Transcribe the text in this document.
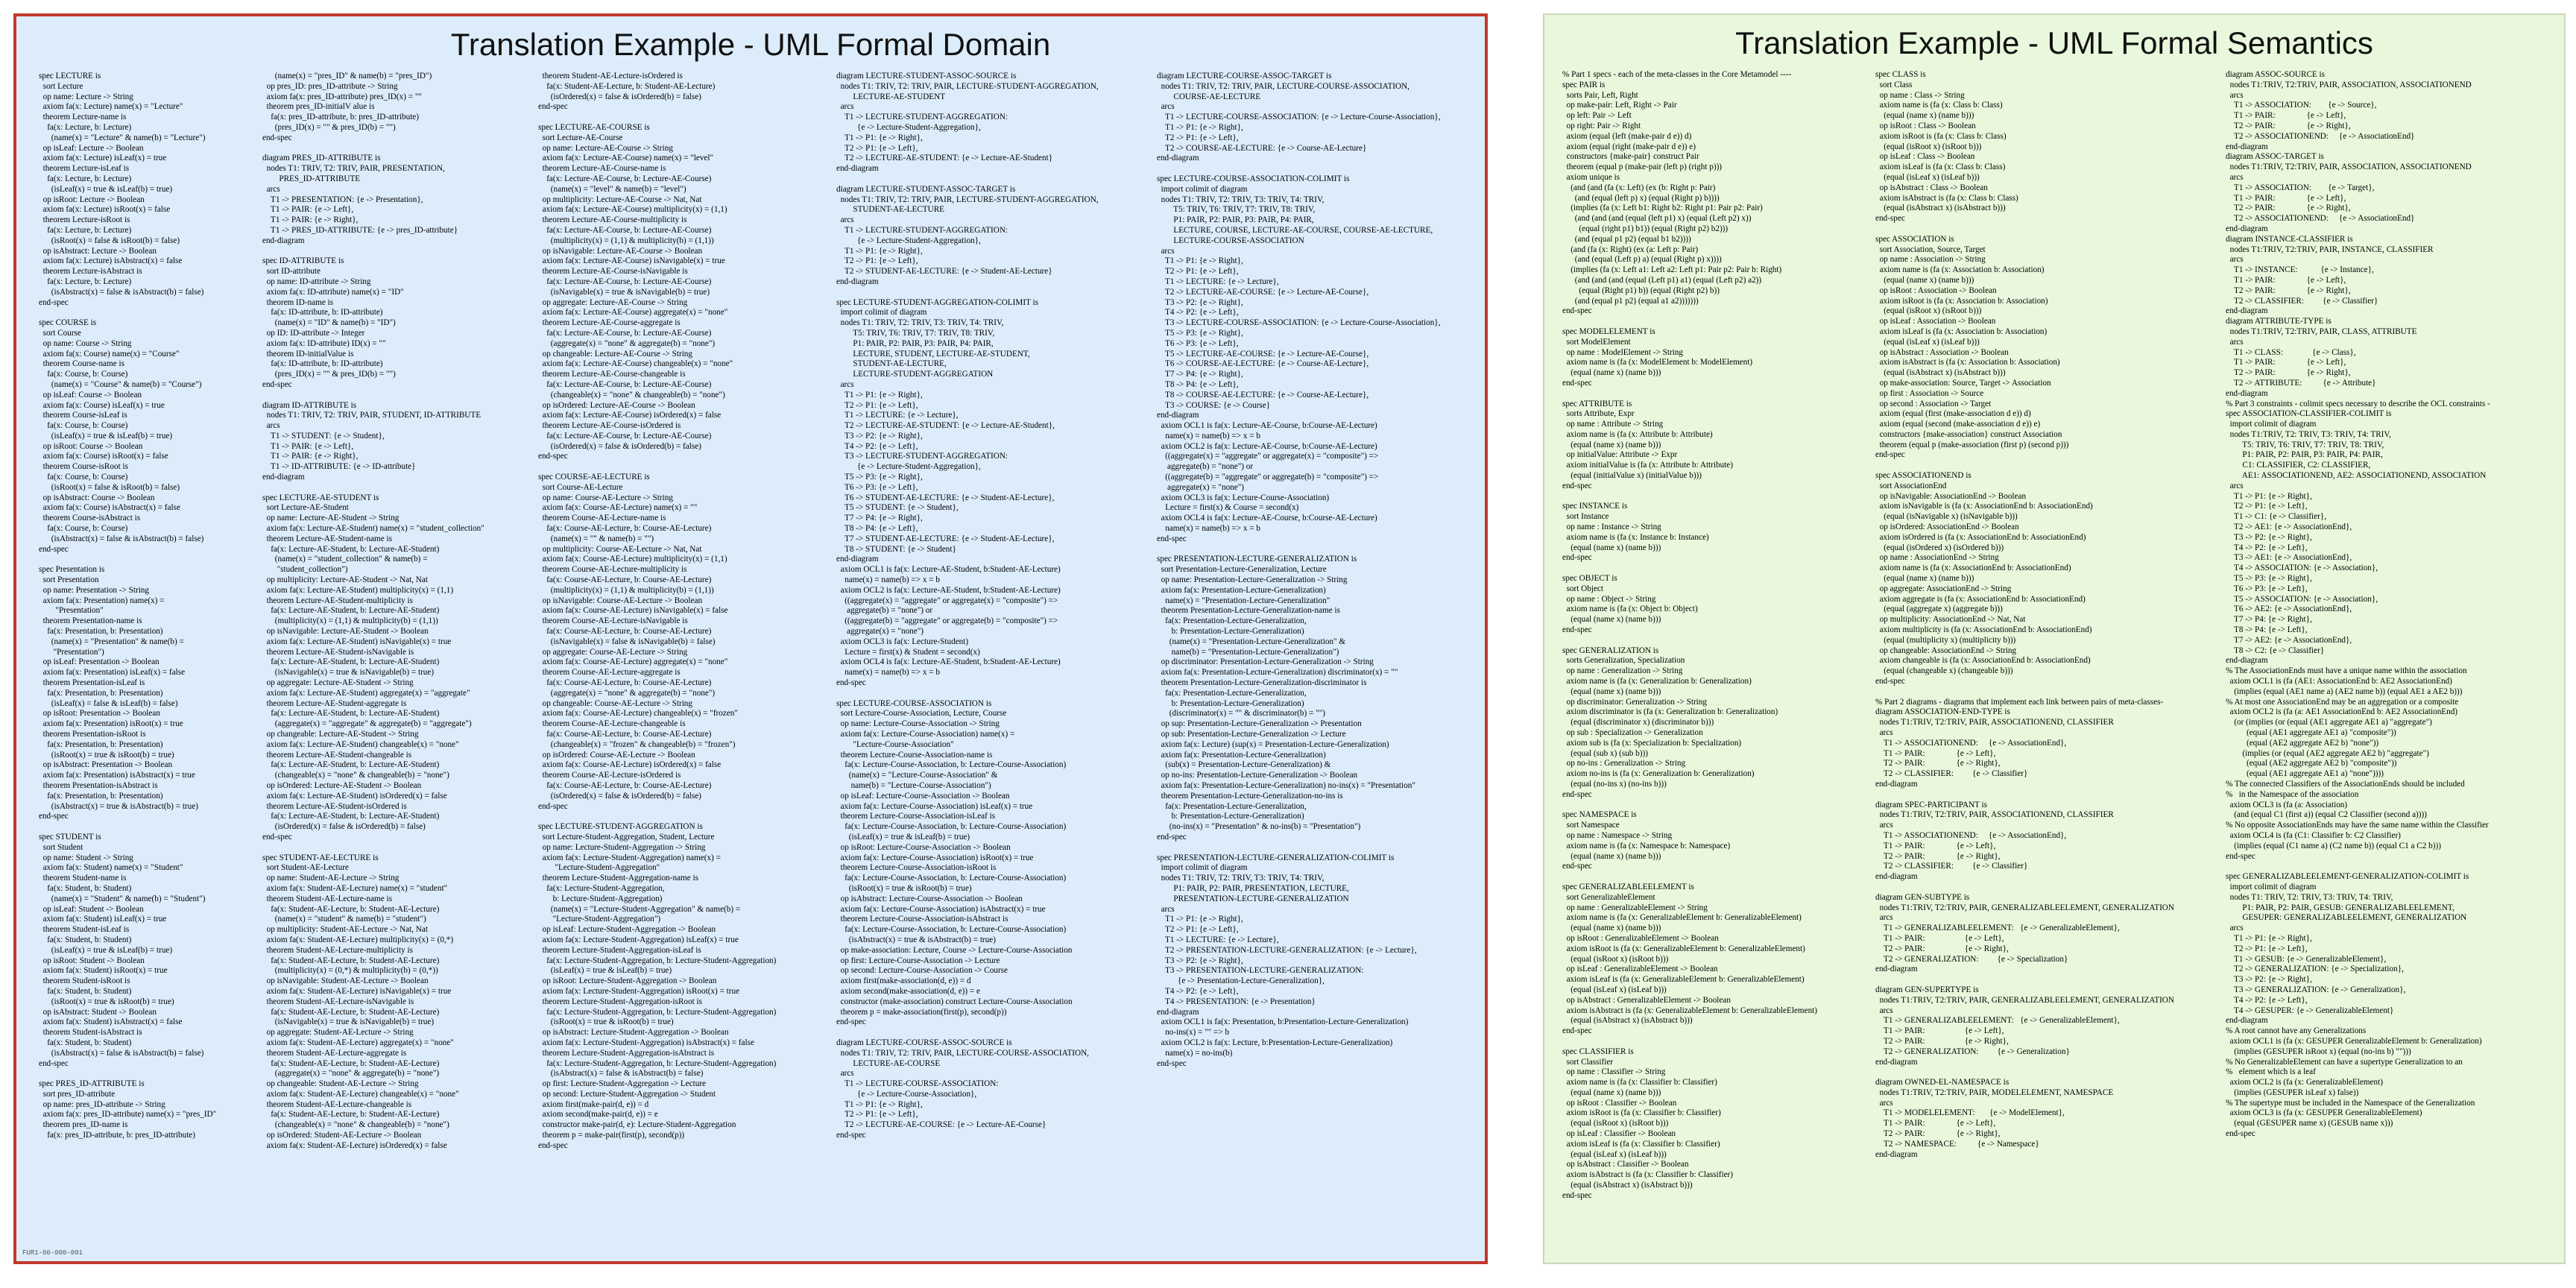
Translation Example - UML Formal Domain
spec LECTURE is
sort Lecture
op name: Lecture -> String
axiom fa(x: Lecture) name(x) = "Lecture"
theorem Lecture-name is
fa(x: Lecture, b: Lecture)
(name(x) = "Lecture" & name(b) = "Lecture")
op isLeaf: Lecture -> Boolean
axiom fa(x: Lecture) isLeaf(x) = true
theorem Lecture-isLeaf is
fa(x: Lecture, b: Lecture)
(isLeaf(x) = true & isLeaf(b) = true)
op isRoot: Lecture -> Boolean
axiom fa(x: Lecture) isRoot(x) = false
theorem Lecture-isRoot is
fa(x: Lecture, b: Lecture)
(isRoot(x) = false & isRoot(b) = false)
op isAbstract: Lecture -> Boolean
axiom fa(x: Lecture) isAbstract(x) = false
theorem Lecture-isAbstract is
fa(x: Lecture, b: Lecture)
(isAbstract(x) = false & isAbstract(b) = false)
end-spec

spec COURSE is
sort Course
op name: Course -> String
axiom fa(x: Course) name(x) = "Course"
theorem Course-name is
fa(x: Course, b: Course)
(name(x) = "Course" & name(b) = "Course")
op isLeaf: Course -> Boolean
axiom fa(x: Course) isLeaf(x) = true
theorem Course-isLeaf is
fa(x: Course, b: Course)
(isLeaf(x) = true & isLeaf(b) = true)
op isRoot: Course -> Boolean
axiom fa(x: Course) isRoot(x) = false
theorem Course-isRoot is
fa(x: Course, b: Course)
(isRoot(x) = false & isRoot(b) = false)
op isAbstract: Course -> Boolean
axiom fa(x: Course) isAbstract(x) = false
theorem Course-isAbstract is
fa(x: Course, b: Course)
(isAbstract(x) = false & isAbstract(b) = false)
end-spec

spec Presentation is
sort Presentation
op name: Presentation -> String
axiom fa(x: Presentation) name(x) =
"Presentation"
theorem Presentation-name is
fa(x: Presentation, b: Presentation)
(name(x) = "Presentation" & name(b) =
"Presentation")
op isLeaf: Presentation -> Boolean
axiom fa(x: Presentation) isLeaf(x) = false
theorem Presentation-isLeaf is
fa(x: Presentation, b: Presentation)
(isLeaf(x) = false & isLeaf(b) = false)
op isRoot: Presentation -> Boolean
axiom fa(x: Presentation) isRoot(x) = true
theorem Presentation-isRoot is
fa(x: Presentation, b: Presentation)
(isRoot(x) = true & isRoot(b) = true)
op isAbstract: Presentation -> Boolean
axiom fa(x: Presentation) isAbstract(x) = true
theorem Presentation-isAbstract is
fa(x: Presentation, b: Presentation)
(isAbstract(x) = true & isAbstract(b) = true)
end-spec

spec STUDENT is
sort Student
op name: Student -> String
axiom fa(x: Student) name(x) = "Student"
theorem Student-name is
fa(x: Student, b: Student)
(name(x) = "Student" & name(b) = "Student")
op isLeaf: Student -> Boolean
axiom fa(x: Student) isLeaf(x) = true
theorem Student-isLeaf is
fa(x: Student, b: Student)
(isLeaf(x) = true & isLeaf(b) = true)
op isRoot: Student -> Boolean
axiom fa(x: Student) isRoot(x) = true
theorem Student-isRoot is
fa(x: Student, b: Student)
(isRoot(x) = true & isRoot(b) = true)
op isAbstract: Student -> Boolean
axiom fa(x: Student) isAbstract(x) = false
theorem Student-isAbstract is
fa(x: Student, b: Student)
(isAbstract(x) = false & isAbstract(b) = false)
end-spec

spec PRES_ID-ATTRIBUTE is
sort pres_ID-attribute
op name: pres_ID-attribute -> String
axiom fa(x: pres_ID-attribute) name(x) = "pres_ID"
theorem pres_ID-name is
fa(x: pres_ID-attribute, b: pres_ID-attribute)
(name(x) = "pres_ID" & name(b) = "pres_ID")
op pres_ID: pres_ID-attribute -> String
axiom fa(x: pres_ID-attribute) pres_ID(x) = ""
theorem pres_ID-initialV alue is
fa(x: pres_ID-attribute, b: pres_ID-attribute)
(pres_ID(x) = "" & pres_ID(b) = "")
end-spec

diagram PRES_ID-ATTRIBUTE is
nodes T1: TRIV, T2: TRIV, PAIR, PRESENTATION,
PRES_ID-ATTRIBUTE
arcs
T1 -> PRESENTATION: {e -> Presentation},
T1 -> PAIR: {e -> Left},
T1 -> PAIR: {e -> Right},
T1 -> PRES_ID-ATTRIBUTE: {e -> pres_ID-attribute}
end-diagram

spec ID-ATTRIBUTE is
sort ID-attribute
op name: ID-attribute -> String
axiom fa(x: ID-attribute) name(x) = "ID"
theorem ID-name is
fa(x: ID-attribute, b: ID-attribute)
(name(x) = "ID" & name(b) = "ID")
op ID: ID-attribute -> Integer
axiom fa(x: ID-attribute) ID(x) = ""
theorem ID-initialValue is
fa(x: ID-attribute, b: ID-attribute)
(pres_ID(x) = "" & pres_ID(b) = "")
end-spec

diagram ID-ATTRIBUTE is
nodes T1: TRIV, T2: TRIV, PAIR, STUDENT, ID-ATTRIBUTE
arcs
T1 -> STUDENT: {e -> Student},
T1 -> PAIR: {e -> Left},
T1 -> PAIR: {e -> Right},
T1 -> ID-ATTRIBUTE: {e -> ID-attribute}
end-diagram

spec LECTURE-AE-STUDENT is
sort Lecture-AE-Student
op name: Lecture-AE-Student -> String
axiom fa(x: Lecture-AE-Student) name(x) = "student_collection"
theorem Lecture-AE-Student-name is
fa(x: Lecture-AE-Student, b: Lecture-AE-Student)
(name(x) = "student_collection" & name(b) =
"student_collection")
op multiplicity: Lecture-AE-Student -> Nat, Nat
axiom fa(x: Lecture-AE-Student) multiplicity(x) = (1,1)
theorem Lecture-AE-Student-multiplicity is
fa(x: Lecture-AE-Student, b: Lecture-AE-Student)
(multiplicity(x) = (1,1) & multiplicity(b) = (1,1))
op isNavigable: Lecture-AE-Student -> Boolean
axiom fa(x: Lecture-AE-Student) isNavigable(x) = true
theorem Lecture-AE-Student-isNavigable is
fa(x: Lecture-AE-Student, b: Lecture-AE-Student)
(isNavigable(x) = true & isNavigable(b) = true)
op aggregate: Lecture-AE-Student -> String
axiom fa(x: Lecture-AE-Student) aggregate(x) = "aggregate"
theorem Lecture-AE-Student-aggregate is
fa(x: Lecture-AE-Student, b: Lecture-AE-Student)
(aggregate(x) = "aggregate" & aggregate(b) = "aggregate")
op changeable: Lecture-AE-Student -> String
axiom fa(x: Lecture-AE-Student) changeable(x) = "none"
theorem Lecture-AE-Student-changeable is
fa(x: Lecture-AE-Student, b: Lecture-AE-Student)
(changeable(x) = "none" & changeable(b) = "none")
op isOrdered: Lecture-AE-Student -> Boolean
axiom fa(x: Lecture-AE-Student) isOrdered(x) = false
theorem Lecture-AE-Student-isOrdered is
fa(x: Lecture-AE-Student, b: Lecture-AE-Student)
(isOrdered(x) = false & isOrdered(b) = false)
end-spec

spec STUDENT-AE-LECTURE is
sort Student-AE-Lecture
op name: Student-AE-Lecture -> String
axiom fa(x: Student-AE-Lecture) name(x) = "student"
theorem Student-AE-Lecture-name is
fa(x: Student-AE-Lecture, b: Student-AE-Lecture)
(name(x) = "student" & name(b) = "student")
op multiplicity: Student-AE-Lecture -> Nat, Nat
axiom fa(x: Student-AE-Lecture) multiplicity(x) = (0,*)
theorem Student-AE-Lecture-multiplicity is
fa(x: Student-AE-Lecture, b: Student-AE-Lecture)
(multiplicity(x) = (0,*) & multiplicity(b) = (0,*))
op isNavigable: Student-AE-Lecture -> Boolean
axiom fa(x: Student-AE-Lecture) isNavigable(x) = true
theorem Student-AE-Lecture-isNavigable is
fa(x: Student-AE-Lecture, b: Student-AE-Lecture)
(isNavigable(x) = true & isNavigable(b) = true)
op aggregate: Student-AE-Lecture -> String
axiom fa(x: Student-AE-Lecture) aggregate(x) = "none"
theorem Student-AE-Lecture-aggregate is
fa(x: Student-AE-Lecture, b: Student-AE-Lecture)
(aggregate(x) = "none" & aggregate(b) = "none")
op changeable: Student-AE-Lecture -> String
axiom fa(x: Student-AE-Lecture) changeable(x) = "none"
theorem Student-AE-Lecture-changeable is
fa(x: Student-AE-Lecture, b: Student-AE-Lecture)
(changeable(x) = "none" & changeable(b) = "none")
op isOrdered: Student-AE-Lecture -> Boolean
axiom fa(x: Student-AE-Lecture) isOrdered(x) = false
theorem Student-AE-Lecture-isOrdered is
fa(x: Student-AE-Lecture, b: Student-AE-Lecture)
(isOrdered(x) = false & isOrdered(b) = false)
end-spec

spec LECTURE-AE-COURSE is
sort Lecture-AE-Course
op name: Lecture-AE-Course -> String
axiom fa(x: Lecture-AE-Course) name(x) = "level"
theorem Lecture-AE-Course-name is
fa(x: Lecture-AE-Course, b: Lecture-AE-Course)
(name(x) = "level" & name(b) = "level")
op multiplicity: Lecture-AE-Course -> Nat, Nat
axiom fa(x: Lecture-AE-Course) multiplicity(x) = (1,1)
theorem Lecture-AE-Course-multiplicity is
fa(x: Lecture-AE-Course, b: Lecture-AE-Course)
(multiplicity(x) = (1,1) & multiplicity(b) = (1,1))
op isNavigable: Lecture-AE-Course -> Boolean
axiom fa(x: Lecture-AE-Course) isNavigable(x) = true
theorem Lecture-AE-Course-isNavigable is
fa(x: Lecture-AE-Course, b: Lecture-AE-Course)
(isNavigable(x) = true & isNavigable(b) = true)
op aggregate: Lecture-AE-Course -> String
axiom fa(x: Lecture-AE-Course) aggregate(x) = "none"
theorem Lecture-AE-Course-aggregate is
fa(x: Lecture-AE-Course, b: Lecture-AE-Course)
(aggregate(x) = "none" & aggregate(b) = "none")
op changeable: Lecture-AE-Course -> String
axiom fa(x: Lecture-AE-Course) changeable(x) = "none"
theorem Lecture-AE-Course-changeable is
fa(x: Lecture-AE-Course, b: Lecture-AE-Course)
(changeable(x) = "none" & changeable(b) = "none")
op isOrdered: Lecture-AE-Course -> Boolean
axiom fa(x: Lecture-AE-Course) isOrdered(x) = false
theorem Lecture-AE-Course-isOrdered is
fa(x: Lecture-AE-Course, b: Lecture-AE-Course)
(isOrdered(x) = false & isOrdered(b) = false)
end-spec

spec COURSE-AE-LECTURE is
sort Course-AE-Lecture
op name: Course-AE-Lecture -> String
axiom fa(x: Course-AE-Lecture) name(x) = ""
theorem Course-AE-Lecture-name is
fa(x: Course-AE-Lecture, b: Course-AE-Lecture)
(name(x) = "" & name(b) = "")
op multiplicity: Course-AE-Lecture -> Nat, Nat
axiom fa(x: Course-AE-Lecture) multiplicity(x) = (1,1)
theorem Course-AE-Lecture-multiplicity is
fa(x: Course-AE-Lecture, b: Course-AE-Lecture)
(multiplicity(x) = (1,1) & multiplicity(b) = (1,1))
op isNavigable: Course-AE-Lecture -> Boolean
axiom fa(x: Course-AE-Lecture) isNavigable(x) = false
theorem Course-AE-Lecture-isNavigable is
fa(x: Course-AE-Lecture, b: Course-AE-Lecture)
(isNavigable(x) = false & isNavigable(b) = false)
op aggregate: Course-AE-Lecture -> String
axiom fa(x: Course-AE-Lecture) aggregate(x) = "none"
theorem Course-AE-Lecture-aggregate is
fa(x: Course-AE-Lecture, b: Course-AE-Lecture)
(aggregate(x) = "none" & aggregate(b) = "none")
op changeable: Course-AE-Lecture -> String
axiom fa(x: Course-AE-Lecture) changeable(x) = "frozen"
theorem Course-AE-Lecture-changeable is
fa(x: Course-AE-Lecture, b: Course-AE-Lecture)
(changeable(x) = "frozen" & changeable(b) = "frozen")
op isOrdered: Course-AE-Lecture -> Boolean
axiom fa(x: Course-AE-Lecture) isOrdered(x) = false
theorem Course-AE-Lecture-isOrdered is
fa(x: Course-AE-Lecture, b: Course-AE-Lecture)
(isOrdered(x) = false & isOrdered(b) = false)
end-spec

spec LECTURE-STUDENT-AGGREGATION is
sort Lecture-Student-Aggregation, Student, Lecture
op name: Lecture-Student-Aggregation -> String
axiom fa(x: Lecture-Student-Aggregation) name(x) =
"Lecture-Student-Aggregation"
theorem Lecture-Student-Aggregation-name is
fa(x: Lecture-Student-Aggregation,
b: Lecture-Student-Aggregation)
(name(x) = "Lecture-Student-Aggregation" & name(b) =
"Lecture-Student-Aggregation")
op isLeaf: Lecture-Student-Aggregation -> Boolean
axiom fa(x: Lecture-Student-Aggregation) isLeaf(x) = true
theorem Lecture-Student-Aggregation-isLeaf is
fa(x: Lecture-Student-Aggregation, b: Lecture-Student-Aggregation)
(isLeaf(x) = true & isLeaf(b) = true)
op isRoot: Lecture-Student-Aggregation -> Boolean
axiom fa(x: Lecture-Student-Aggregation) isRoot(x) = true
theorem Lecture-Student-Aggregation-isRoot is
fa(x: Lecture-Student-Aggregation, b: Lecture-Student-Aggregation)
(isRoot(x) = true & isRoot(b) = true)
op isAbstract: Lecture-Student-Aggregation -> Boolean
axiom fa(x: Lecture-Student-Aggregation) isAbstract(x) = false
theorem Lecture-Student-Aggregation-isAbstract is
fa(x: Lecture-Student-Aggregation, b: Lecture-Student-Aggregation)
(isAbstract(x) = false & isAbstract(b) = false)
op first: Lecture-Student-Aggregation -> Lecture
op second: Lecture-Student-Aggregation -> Student
axiom first(make-pair(d, e)) = d
axiom second(make-pair(d, e)) = e
constructor make-pair(d, e): Lecture-Student-Aggregation
theorem p = make-pair(first(p), second(p))
end-spec
diagram LECTURE-STUDENT-ASSOC-SOURCE is
nodes T1: TRIV, T2: TRIV, PAIR, LECTURE-STUDENT-AGGREGATION,
LECTURE-AE-STUDENT
arcs
T1 -> LECTURE-STUDENT-AGGREGATION:
{e -> Lecture-Student-Aggregation},
T1 -> P1: {e -> Right},
T2 -> P1: {e -> Left},
T2 -> LECTURE-AE-STUDENT: {e -> Lecture-AE-Student}
end-diagram

diagram LECTURE-STUDENT-ASSOC-TARGET is
nodes T1: TRIV, T2: TRIV, PAIR, LECTURE-STUDENT-AGGREGATION,
STUDENT-AE-LECTURE
arcs
T1 -> LECTURE-STUDENT-AGGREGATION:
{e -> Lecture-Student-Aggregation},
T1 -> P1: {e -> Right},
T2 -> P1: {e -> Left},
T2 -> STUDENT-AE-LECTURE: {e -> Student-AE-Lecture}
end-diagram

spec LECTURE-STUDENT-AGGREGATION-COLIMIT is
import colimit of diagram
nodes T1: TRIV, T2: TRIV, T3: TRIV, T4: TRIV,
T5: TRIV, T6: TRIV, T7: TRIV, T8: TRIV,
P1: PAIR, P2: PAIR, P3: PAIR, P4: PAIR,
LECTURE, STUDENT, LECTURE-AE-STUDENT,
STUDENT-AE-LECTURE,
LECTURE-STUDENT-AGGREGATION
arcs
T1 -> P1: {e -> Right},
T2 -> P1: {e -> Left},
T1 -> LECTURE: {e -> Lecture},
T2 -> LECTURE-AE-STUDENT: {e -> Lecture-AE-Student},
T3 -> P2: {e -> Right},
T4 -> P2: {e -> Left},
T3 -> LECTURE-STUDENT-AGGREGATION:
{e -> Lecture-Student-Aggregation},
T5 -> P3: {e -> Right},
T6 -> P3: {e -> Left},
T6 -> STUDENT-AE-LECTURE: {e -> Student-AE-Lecture},
T5 -> STUDENT: {e -> Student},
T7 -> P4: {e -> Right},
T8 -> P4: {e -> Left},
T7 -> STUDENT-AE-LECTURE: {e -> Student-AE-Lecture},
T8 -> STUDENT: {e -> Student}
end-diagram
axiom OCL1 is fa(x: Lecture-AE-Student, b:Student-AE-Lecture)
name(x) = name(b) => x = b
axiom OCL2 is fa(x: Lecture-AE-Student, b:Student-AE-Lecture)
((aggregate(x) = "aggregate" or aggregate(x) = "composite") =>
aggregate(b) = "none") or
((aggregate(b) = "aggregate" or aggregate(b) = "composite") =>
aggregate(x) = "none")
axiom OCL3 is fa(x: Lecture-Student)
Lecture = first(x) & Student = second(x)
axiom OCL4 is fa(x: Lecture-AE-Student, b:Student-AE-Lecture)
name(x) = name(b) => x = b
end-spec

spec LECTURE-COURSE-ASSOCIATION is
sort Lecture-Course-Association, Lecture, Course
op name: Lecture-Course-Association -> String
axiom fa(x: Lecture-Course-Association) name(x) =
"Lecture-Course-Association"
theorem Lecture-Course-Association-name is
fa(x: Lecture-Course-Association, b: Lecture-Course-Association)
(name(x) = "Lecture-Course-Association" &
name(b) = "Lecture-Course-Association")
op isLeaf: Lecture-Course-Association -> Boolean
axiom fa(x: Lecture-Course-Association) isLeaf(x) = true
theorem Lecture-Course-Association-isLeaf is
fa(x: Lecture-Course-Association, b: Lecture-Course-Association)
(isLeaf(x) = true & isLeaf(b) = true)
op isRoot: Lecture-Course-Association -> Boolean
axiom fa(x: Lecture-Course-Association) isRoot(x) = true
theorem Lecture-Course-Association-isRoot is
fa(x: Lecture-Course-Association, b: Lecture-Course-Association)
(isRoot(x) = true & isRoot(b) = true)
op isAbstract: Lecture-Course-Association -> Boolean
axiom fa(x: Lecture-Course-Association) isAbstract(x) = true
theorem Lecture-Course-Association-isAbstract is
fa(x: Lecture-Course-Association, b: Lecture-Course-Association)
(isAbstract(x) = true & isAbstract(b) = true)
op make-association: Lecture, Course -> Lecture-Course-Association
op first: Lecture-Course-Association -> Lecture
op second: Lecture-Course-Association -> Course
axiom first(make-association(d, e)) = d
axiom second(make-association(d, e)) = e
constructor (make-association) construct Lecture-Course-Association
theorem p = make-association(first(p), second(p))
end-spec

diagram LECTURE-COURSE-ASSOC-SOURCE is
nodes T1: TRIV, T2: TRIV, PAIR, LECTURE-COURSE-ASSOCIATION,
LECTURE-AE-COURSE
arcs
T1 -> LECTURE-COURSE-ASSOCIATION:
{e -> Lecture-Course-Association},
T1 -> P1: {e -> Right},
T2 -> P1: {e -> Left},
T2 -> LECTURE-AE-COURSE: {e -> Lecture-AE-Course}
end-spec
diagram LECTURE-COURSE-ASSOC-TARGET is
nodes T1: TRIV, T2: TRIV, PAIR, LECTURE-COURSE-ASSOCIATION,
COURSE-AE-LECTURE
arcs
T1 -> LECTURE-COURSE-ASSOCIATION: {e -> Lecture-Course-Association},
T1 -> P1: {e -> Right},
T2 -> P1: {e -> Left},
T2 -> COURSE-AE-LECTURE: {e -> Course-AE-Lecture}
end-diagram

spec LECTURE-COURSE-ASSOCIATION-COLIMIT is
import colimit of diagram
nodes T1: TRIV, T2: TRIV, T3: TRIV, T4: TRIV,
T5: TRIV, T6: TRIV, T7: TRIV, T8: TRIV,
P1: PAIR, P2: PAIR, P3: PAIR, P4: PAIR,
LECTURE, COURSE, LECTURE-AE-COURSE, COURSE-AE-LECTURE,
LECTURE-COURSE-ASSOCIATION
arcs
T1 -> P1: {e -> Right},
T2 -> P1: {e -> Left},
T1 -> LECTURE: {e -> Lecture},
T2 -> LECTURE-AE-COURSE: {e -> Lecture-AE-Course},
T3 -> P2: {e -> Right},
T4 -> P2: {e -> Left},
T3 -> LECTURE-COURSE-ASSOCIATION: {e -> Lecture-Course-Association},
T5 -> P3: {e -> Right},
T6 -> P3: {e -> Left},
T5 -> LECTURE-AE-COURSE: {e -> Lecture-AE-Course},
T6 -> COURSE-AE-LECTURE: {e -> Course-AE-Lecture},
T7 -> P4: {e -> Right},
T8 -> P4: {e -> Left},
T8 -> COURSE-AE-LECTURE: {e -> Course-AE-Lecture},
T3 -> COURSE: {e -> Course}
end-diagram
axiom OCL1 is fa(x: Lecture-AE-Course, b:Course-AE-Lecture)
name(x) = name(b) => x = b
axiom OCL2 is fa(x: Lecture-AE-Course, b:Course-AE-Lecture)
((aggregate(x) = "aggregate" or aggregate(x) = "composite") =>
aggregate(b) = "none") or
((aggregate(b) = "aggregate" or aggregate(b) = "composite") =>
aggregate(x) = "none")
axiom OCL3 is fa(x: Lecture-Course-Association)
Lecture = first(x) & Course = second(x)
axiom OCL4 is fa(x: Lecture-AE-Course, b:Course-AE-Lecture)
name(x) = name(b) => x = b
end-spec

spec PRESENTATION-LECTURE-GENERALIZATION is
sort Presentation-Lecture-Generalization, Lecture
op name: Presentation-Lecture-Generalization -> String
axiom fa(x: Presentation-Lecture-Generalization)
name(x) = "Presentation-Lecture-Generalization"
theorem Presentation-Lecture-Generalization-name is
fa(x: Presentation-Lecture-Generalization,
b: Presentation-Lecture-Generalization)
(name(x) = "Presentation-Lecture-Generalization" &
name(b) = "Presentation-Lecture-Generalization")
op discriminator: Presentation-Lecture-Generalization -> String
axiom fa(x: Presentation-Lecture-Generalization) discriminator(x) = ""
theorem Presentation-Lecture-Generalization-discriminator is
fa(x: Presentation-Lecture-Generalization,
b: Presentation-Lecture-Generalization)
(discriminator(x) = "" & discriminator(b) = "")
op sup: Presentation-Lecture-Generalization -> Presentation
op sub: Presentation-Lecture-Generalization -> Lecture
axiom fa(x: Lecture) (sup(x) = Presentation-Lecture-Generalization)
axiom fa(x: Presentation-Lecture-Generalization)
(sub(x) = Presentation-Lecture-Generalization) &
op no-ins: Presentation-Lecture-Generalization -> Boolean
axiom fa(x: Presentation-Lecture-Generalization) no-ins(x) = "Presentation"
theorem Presentation-Lecture-Generalization-no-ins is
fa(x: Presentation-Lecture-Generalization,
b: Presentation-Lecture-Generalization)
(no-ins(x) = "Presentation" & no-ins(b) = "Presentation")
end-spec

spec PRESENTATION-LECTURE-GENERALIZATION-COLIMIT is
import colimit of diagram
nodes T1: TRIV, T2: TRIV, T3: TRIV, T4: TRIV,
P1: PAIR, P2: PAIR, PRESENTATION, LECTURE,
PRESENTATION-LECTURE-GENERALIZATION
arcs
T1 -> P1: {e -> Right},
T2 -> P1: {e -> Left},
T1 -> LECTURE: {e -> Lecture},
T2 -> PRESENTATION-LECTURE-GENERALIZATION: {e -> Lecture},
T3 -> P2: {e -> Right},
T3 -> PRESENTATION-LECTURE-GENERALIZATION:
{e -> Presentation-Lecture-Generalization},
T4 -> P2: {e -> Left},
T4 -> PRESENTATION: {e -> Presentation}
end-diagram
axiom OCL1 is fa(x: Presentation, b:Presentation-Lecture-Generalization)
no-ins(x) = "" => b
axiom OCL2 is fa(x: Lecture, b:Presentation-Lecture-Generalization)
name(x) = no-ins(b)
end-spec
FUR1-00-000-001
Translation Example - UML Formal Semantics
% Part 1 specs - each of the meta-classes in the Core Metamodel ----
spec PAIR is
sorts Pair, Left, Right
op make-pair: Left, Right -> Pair
op left: Pair -> Left
op right: Pair -> Right
axiom (equal (left (make-pair d e)) d)
axiom (equal (right (make-pair d e)) e)
constructors {make-pair} construct Pair
theorem (equal p (make-pair (left p) (right p)))
axiom unique is
(and (and (fa (x: Left) (ex (b: Right p: Pair)
(and (equal (left p) x) (equal (Right p) b))))
(implies (fa (x: Left b1: Right b2: Right p1: Pair p2: Pair)
(and (and (and (equal (left p1) x) (equal (Left p2) x))
(equal (right p1) b1)) (equal (Right p2) b2)))
(and (equal p1 p2) (equal b1 b2))))
(and (fa (x: Right) (ex (a: Left p: Pair)
(and (equal (Left p) a) (equal (Right p) x))))
(implies (fa (x: Left a1: Left a2: Left p1: Pair p2: Pair b: Right)
(and (and (and (equal (Left p1) a1) (equal (Left p2) a2))
(equal (Right p1) b)) (equal (Right p2) b))
(and (equal p1 p2) (equal a1 a2)))))))
end-spec

spec MODELELEMENT is
sort ModelElement
op name : ModelElement -> String
axiom name is (fa (x: ModelElement b: ModelElement)
(equal (name x) (name b)))
end-spec

spec ATTRIBUTE is
sorts Attribute, Expr
op name : Attribute -> String
axiom name is (fa (x: Attribute b: Attribute)
(equal (name x) (name b)))
op initialValue: Attribute -> Expr
axiom initialValue is (fa (x: Attribute b: Attribute)
(equal (initialValue x) (initialValue b)))
end-spec

spec INSTANCE is
sort Instance
op name : Instance -> String
axiom name is (fa (x: Instance b: Instance)
(equal (name x) (name b)))
end-spec

spec OBJECT is
sort Object
op name : Object -> String
axiom name is (fa (x: Object b: Object)
(equal (name x) (name b)))
end-spec

spec GENERALIZATION is
sorts Generalization, Specialization
op name : Generalization -> String
axiom name is (fa (x: Generalization b: Generalization)
(equal (name x) (name b)))
op discriminator: Generalization -> String
axiom discriminator is (fa (x: Generalization b: Generalization)
(equal (discriminator x) (discriminator b)))
op sub : Specialization -> Generalization
axiom sub is (fa (x: Specialization b: Specialization)
(equal (sub x) (sub b)))
op no-ins : Generalization -> String
axiom no-ins is (fa (x: Generalization b: Generalization)
(equal (no-ins x) (no-ins b)))
end-spec

spec NAMESPACE is
sort Namespace
op name : Namespace -> String
axiom name is (fa (x: Namespace b: Namespace)
(equal (name x) (name b)))
end-spec

spec GENERALIZABLEELEMENT is
sort GeneralizableElement
op name : GeneralizableElement -> String
axiom name is (fa (x: GeneralizableElement b: GeneralizableElement)
(equal (name x) (name b)))
op isRoot : GeneralizableElement -> Boolean
axiom isRoot is (fa (x: GeneralizableElement b: GeneralizableElement)
(equal (isRoot x) (isRoot b)))
op isLeaf : GeneralizableElement -> Boolean
axiom isLeaf is (fa (x: GeneralizableElement b: GeneralizableElement)
(equal (isLeaf x) (isLeaf b)))
op isAbstract : GeneralizableElement -> Boolean
axiom isAbstract is (fa (x: GeneralizableElement b: GeneralizableElement)
(equal (isAbstract x) (isAbstract b)))
end-spec

spec CLASSIFIER is
sort Classifier
op name : Classifier -> String
axiom name is (fa (x: Classifier b: Classifier)
(equal (name x) (name b)))
op isRoot : Classifier -> Boolean
axiom isRoot is (fa (x: Classifier b: Classifier)
(equal (isRoot x) (isRoot b)))
op isLeaf : Classifier -> Boolean
axiom isLeaf is (fa (x: Classifier b: Classifier)
(equal (isLeaf x) (isLeaf b)))
op isAbstract : Classifier -> Boolean
axiom isAbstract is (fa (x: Classifier b: Classifier)
(equal (isAbstract x) (isAbstract b)))
end-spec
spec CLASS is
sort Class
op name : Class -> String
axiom name is (fa (x: Class b: Class)
(equal (name x) (name b)))
op isRoot : Class -> Boolean
axiom isRoot is (fa (x: Class b: Class)
(equal (isRoot x) (isRoot b)))
op isLeaf : Class -> Boolean
axiom isLeaf is (fa (x: Class b: Class)
(equal (isLeaf x) (isLeaf b)))
op isAbstract : Class -> Boolean
axiom isAbstract is (fa (x: Class b: Class)
(equal (isAbstract x) (isAbstract b)))
end-spec

spec ASSOCIATION is
sort Association, Source, Target
op name : Association -> String
axiom name is (fa (x: Association b: Association)
(equal (name x) (name b)))
op isRoot : Association -> Boolean
axiom isRoot is (fa (x: Association b: Association)
(equal (isRoot x) (isRoot b)))
op isLeaf : Association -> Boolean
axiom isLeaf is (fa (x: Association b: Association)
(equal (isLeaf x) (isLeaf b)))
op isAbstract : Association -> Boolean
axiom isAbstract is (fa (x: Association b: Association)
(equal (isAbstract x) (isAbstract b)))
op make-association: Source, Target -> Association
op first : Association -> Source
op second : Association -> Target
axiom (equal (first (make-association d e)) d)
axiom (equal (second (make-association d e)) e)
constructors {make-association} construct Association
theorem (equal p (make-association (first p) (second p)))
end-spec

spec ASSOCIATIONEND is
sort AssociationEnd
op isNavigable: AssociationEnd -> Boolean
axiom isNavigable is (fa (x: AssociationEnd b: AssociationEnd)
(equal (isNavigable x) (isNavigable b)))
op isOrdered: AssociationEnd -> Boolean
axiom isOrdered is (fa (x: AssociationEnd b: AssociationEnd)
(equal (isOrdered x) (isOrdered b)))
op name : AssociationEnd -> String
axiom name is (fa (x: AssociationEnd b: AssociationEnd)
(equal (name x) (name b)))
op aggregate: AssociationEnd -> String
axiom aggregate is (fa (x: AssociationEnd b: AssociationEnd)
(equal (aggregate x) (aggregate b)))
op multiplicity: AssociationEnd -> Nat, Nat
axiom multiplicity is (fa (x: AssociationEnd b: AssociationEnd)
(equal (multiplicity x) (multiplicity b)))
op changeable: AssociationEnd -> String
axiom changeable is (fa (x: AssociationEnd b: AssociationEnd)
(equal (changeable x) (changeable b)))
end-spec

% Part 2 diagrams - diagrams that implement each link between pairs of meta-classes-
diagram ASSOCIATION-END-TYPE is
nodes T1:TRIV, T2:TRIV, PAIR, ASSOCIATIONEND, CLASSIFIER
arcs
T1 -> ASSOCIATIONEND:     {e -> AssociationEnd},
T1 -> PAIR:               {e -> Left},
T2 -> PAIR:               {e -> Right},
T2 -> CLASSIFIER:         {e -> Classifier}
end-diagram

diagram SPEC-PARTICIPANT is
nodes T1:TRIV, T2:TRIV, PAIR, ASSOCIATIONEND, CLASSIFIER
arcs
T1 -> ASSOCIATIONEND:     {e -> AssociationEnd},
T1 -> PAIR:               {e -> Left},
T2 -> PAIR:               {e -> Right},
T2 -> CLASSIFIER:         {e -> Classifier}
end-diagram

diagram GEN-SUBTYPE is
nodes T1:TRIV, T2:TRIV, PAIR, GENERALIZABLEELEMENT, GENERALIZATION
arcs
T1 -> GENERALIZABLEELEMENT:   {e -> GeneralizableElement},
T1 -> PAIR:                   {e -> Left},
T2 -> PAIR:                   {e -> Right},
T2 -> GENERALIZATION:         {e -> Specialization}
end-diagram

diagram GEN-SUPERTYPE is
nodes T1:TRIV, T2:TRIV, PAIR, GENERALIZABLEELEMENT, GENERALIZATION
arcs
T1 -> GENERALIZABLEELEMENT:   {e -> GeneralizableElement},
T1 -> PAIR:                   {e -> Left},
T2 -> PAIR:                   {e -> Right},
T2 -> GENERALIZATION:         {e -> Generalization}
end-diagram

diagram OWNED-EL-NAMESPACE is
nodes T1:TRIV, T2:TRIV, PAIR, MODELELEMENT, NAMESPACE
arcs
T1 -> MODELELEMENT:       {e -> ModelElement},
T1 -> PAIR:               {e -> Left},
T2 -> PAIR:               {e -> Right},
T2 -> NAMESPACE:          {e -> Namespace}
end-diagram
diagram ASSOC-SOURCE is
nodes T1:TRIV, T2:TRIV, PAIR, ASSOCIATION, ASSOCIATIONEND
arcs
T1 -> ASSOCIATION:        {e -> Source},
T1 -> PAIR:               {e -> Left},
T2 -> PAIR:               {e -> Right},
T2 -> ASSOCIATIONEND:     {e -> AssociationEnd}
end-diagram
diagram ASSOC-TARGET is
nodes T1:TRIV, T2:TRIV, PAIR, ASSOCIATION, ASSOCIATIONEND
arcs
T1 -> ASSOCIATION:        {e -> Target},
T1 -> PAIR:               {e -> Left},
T2 -> PAIR:               {e -> Right},
T2 -> ASSOCIATIONEND:     {e -> AssociationEnd}
end-diagram
diagram INSTANCE-CLASSIFIER is
nodes T1:TRIV, T2:TRIV, PAIR, INSTANCE, CLASSIFIER
arcs
T1 -> INSTANCE:           {e -> Instance},
T1 -> PAIR:               {e -> Left},
T2 -> PAIR:               {e -> Right},
T2 -> CLASSIFIER:         {e -> Classifier}
end-diagram
diagram ATTRIBUTE-TYPE is
nodes T1:TRIV, T2:TRIV, PAIR, CLASS, ATTRIBUTE
arcs
T1 -> CLASS:              {e -> Class},
T1 -> PAIR:               {e -> Left},
T2 -> PAIR:               {e -> Right},
T2 -> ATTRIBUTE:          {e -> Attribute}
end-diagram
% Part 3 constraints - colimit specs necessary to describe the OCL constraints -
spec ASSOCIATION-CLASSIFIER-COLIMIT is
import colimit of diagram
nodes T1:TRIV, T2: TRIV, T3: TRIV, T4: TRIV,
T5: TRIV, T6: TRIV, T7: TRIV, T8: TRIV,
P1: PAIR, P2: PAIR, P3: PAIR, P4: PAIR,
C1: CLASSIFIER, C2: CLASSIFIER,
AE1: ASSOCIATIONEND, AE2: ASSOCIATIONEND, ASSOCIATION
arcs
T1 -> P1: {e -> Right},
T2 -> P1: {e -> Left},
T1 -> C1: {e -> Classifier},
T2 -> AE1: {e -> AssociationEnd},
T3 -> P2: {e -> Right},
T4 -> P2: {e -> Left},
T3 -> AE1: {e -> AssociationEnd},
T4 -> ASSOCIATION: {e -> Association},
T5 -> P3: {e -> Right},
T6 -> P3: {e -> Left},
T5 -> ASSOCIATION: {e -> Association},
T6 -> AE2: {e -> AssociationEnd},
T7 -> P4: {e -> Right},
T8 -> P4: {e -> Left},
T7 -> AE2: {e -> AssociationEnd},
T8 -> C2: {e -> Classifier}
end-diagram
% The AssociationEnds must have a unique name within the association
axiom OCL1 is (fa (AE1: AssociationEnd b: AE2 AssociationEnd)
(implies (equal (AE1 name a) (AE2 name b)) (equal AE1 a AE2 b)))
% At most one AssociationEnd may be an aggregation or a composite
axiom OCL2 is (fa (a: AE1 AssociationEnd b: AE2 AssociationEnd)
(or (implies (or (equal (AE1 aggregate AE1 a) "aggregate")
(equal (AE1 aggregate AE1 a) "composite"))
(equal (AE2 aggregate AE2 b) "none"))
(implies (or (equal (AE2 aggregate AE2 b) "aggregate")
(equal (AE2 aggregate AE2 b) "composite"))
(equal (AE1 aggregate AE1 a) "none"))))
% The connected Classifiers of the AssociationEnds should be included
%   in the Namespace of the association
axiom OCL3 is (fa (a: Association)
(and (equal C1 (first a)) (equal C2 Classifier (second a))))
% No opposite AssociationEnds may have the same name within the Classifier
axiom OCL4 is (fa (C1: Classifier b: C2 Classifier)
(implies (equal (C1 name a) (C2 name b)) (equal C1 a C2 b)))
end-spec

spec GENERALIZABLEELEMENT-GENERALIZATION-COLIMIT is
import colimit of diagram
nodes T1: TRIV, T2: TRIV, T3: TRIV, T4: TRIV,
P1: PAIR, P2: PAIR, GESUB: GENERALIZABLEELEMENT,
GESUPER: GENERALIZABLEELEMENT, GENERALIZATION
arcs
T1 -> P1: {e -> Right},
T2 -> P1: {e -> Left},
T1 -> GESUB: {e -> GeneralizableElement},
T2 -> GENERALIZATION: {e -> Specialization},
T3 -> P2: {e -> Right},
T3 -> GENERALIZATION: {e -> Generalization},
T4 -> P2: {e -> Left},
T4 -> GESUPER: {e -> GeneralizableElement}
end-diagram
% A root cannot have any Generalizations
axiom OCL1 is (fa (x: GESUPER GeneralizableElement b: Generalization)
(implies (GESUPER isRoot x) (equal (no-ins b) "")))
% No GeneralizableElement can have a supertype Generalization to an
%   element which is a leaf
axiom OCL2 is (fa (x: GeneralizableElement)
(implies (GESUPER isLeaf x) false))
% The supertype must be included in the Namespace of the Generalization
axiom OCL3 is (fa (x: GESUPER GeneralizableElement)
(equal (GESUPER name x) (GESUB name x)))
end-spec
